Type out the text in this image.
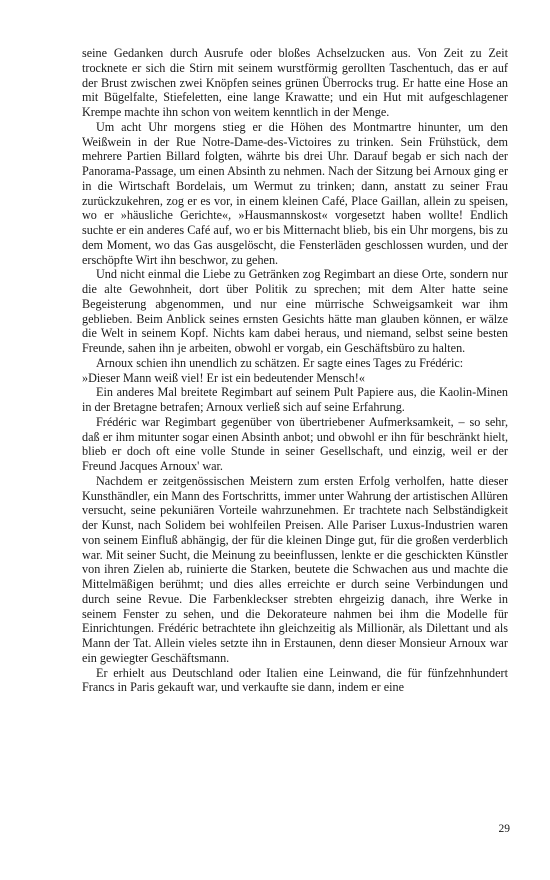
seine Gedanken durch Ausrufe oder bloßes Achselzucken aus. Von Zeit zu Zeit trocknete er sich die Stirn mit seinem wurstförmig gerollten Taschentuch, das er auf der Brust zwischen zwei Knöpfen seines grünen Überrocks trug. Er hatte eine Hose an mit Bügelfalte, Stiefeletten, eine lange Krawatte; und ein Hut mit aufgeschlagener Krempe machte ihn schon von weitem kenntlich in der Menge.

Um acht Uhr morgens stieg er die Höhen des Montmartre hinunter, um den Weißwein in der Rue Notre-Dame-des-Victoires zu trinken. Sein Frühstück, dem mehrere Partien Billard folgten, währte bis drei Uhr. Darauf begab er sich nach der Panorama-Passage, um einen Absinth zu nehmen. Nach der Sitzung bei Arnoux ging er in die Wirtschaft Bordelais, um Wermut zu trinken; dann, anstatt zu seiner Frau zurückzukehren, zog er es vor, in einem kleinen Café, Place Gaillan, allein zu speisen, wo er »häusliche Gerichte«, »Hausmannskost« vorgesetzt haben wollte! Endlich suchte er ein anderes Café auf, wo er bis Mitternacht blieb, bis ein Uhr morgens, bis zu dem Moment, wo das Gas ausgelöscht, die Fensterläden geschlossen wurden, und der erschöpfte Wirt ihn beschwor, zu gehen.

Und nicht einmal die Liebe zu Getränken zog Regimbart an diese Orte, sondern nur die alte Gewohnheit, dort über Politik zu sprechen; mit dem Alter hatte seine Begeisterung abgenommen, und nur eine mürrische Schweigsamkeit war ihm geblieben. Beim Anblick seines ernsten Gesichts hätte man glauben können, er wälze die Welt in seinem Kopf. Nichts kam dabei heraus, und niemand, selbst seine besten Freunde, sahen ihn je arbeiten, obwohl er vorgab, ein Geschäftsbüro zu halten.

Arnoux schien ihn unendlich zu schätzen. Er sagte eines Tages zu Frédéric:

»Dieser Mann weiß viel! Er ist ein bedeutender Mensch!«

Ein anderes Mal breitete Regimbart auf seinem Pult Papiere aus, die Kaolin-Minen in der Bretagne betrafen; Arnoux verließ sich auf seine Erfahrung.

Frédéric war Regimbart gegenüber von übertriebener Aufmerksamkeit, – so sehr, daß er ihm mitunter sogar einen Absinth anbot; und obwohl er ihn für beschränkt hielt, blieb er doch oft eine volle Stunde in seiner Gesellschaft, und einzig, weil er der Freund Jacques Arnoux' war.

Nachdem er zeitgenössischen Meistern zum ersten Erfolg verholfen, hatte dieser Kunsthändler, ein Mann des Fortschritts, immer unter Wahrung der artistischen Allüren versucht, seine pekuniären Vorteile wahrzunehmen. Er trachtete nach Selbständigkeit der Kunst, nach Solidem bei wohlfeilen Preisen. Alle Pariser Luxus-Industrien waren von seinem Einfluß abhängig, der für die kleinen Dinge gut, für die großen verderblich war. Mit seiner Sucht, die Meinung zu beeinflussen, lenkte er die geschickten Künstler von ihren Zielen ab, ruinierte die Starken, beutete die Schwachen aus und machte die Mittelmäßigen berühmt; und dies alles erreichte er durch seine Verbindungen und durch seine Revue. Die Farbenkleckser strebten ehrgeizig danach, ihre Werke in seinem Fenster zu sehen, und die Dekorateure nahmen bei ihm die Modelle für Einrichtungen. Frédéric betrachtete ihn gleichzeitig als Millionär, als Dilettant und als Mann der Tat. Allein vieles setzte ihn in Erstaunen, denn dieser Monsieur Arnoux war ein gewiegter Geschäftsmann.

Er erhielt aus Deutschland oder Italien eine Leinwand, die für fünfzehnhundert Francs in Paris gekauft war, und verkaufte sie dann, indem er eine

29
